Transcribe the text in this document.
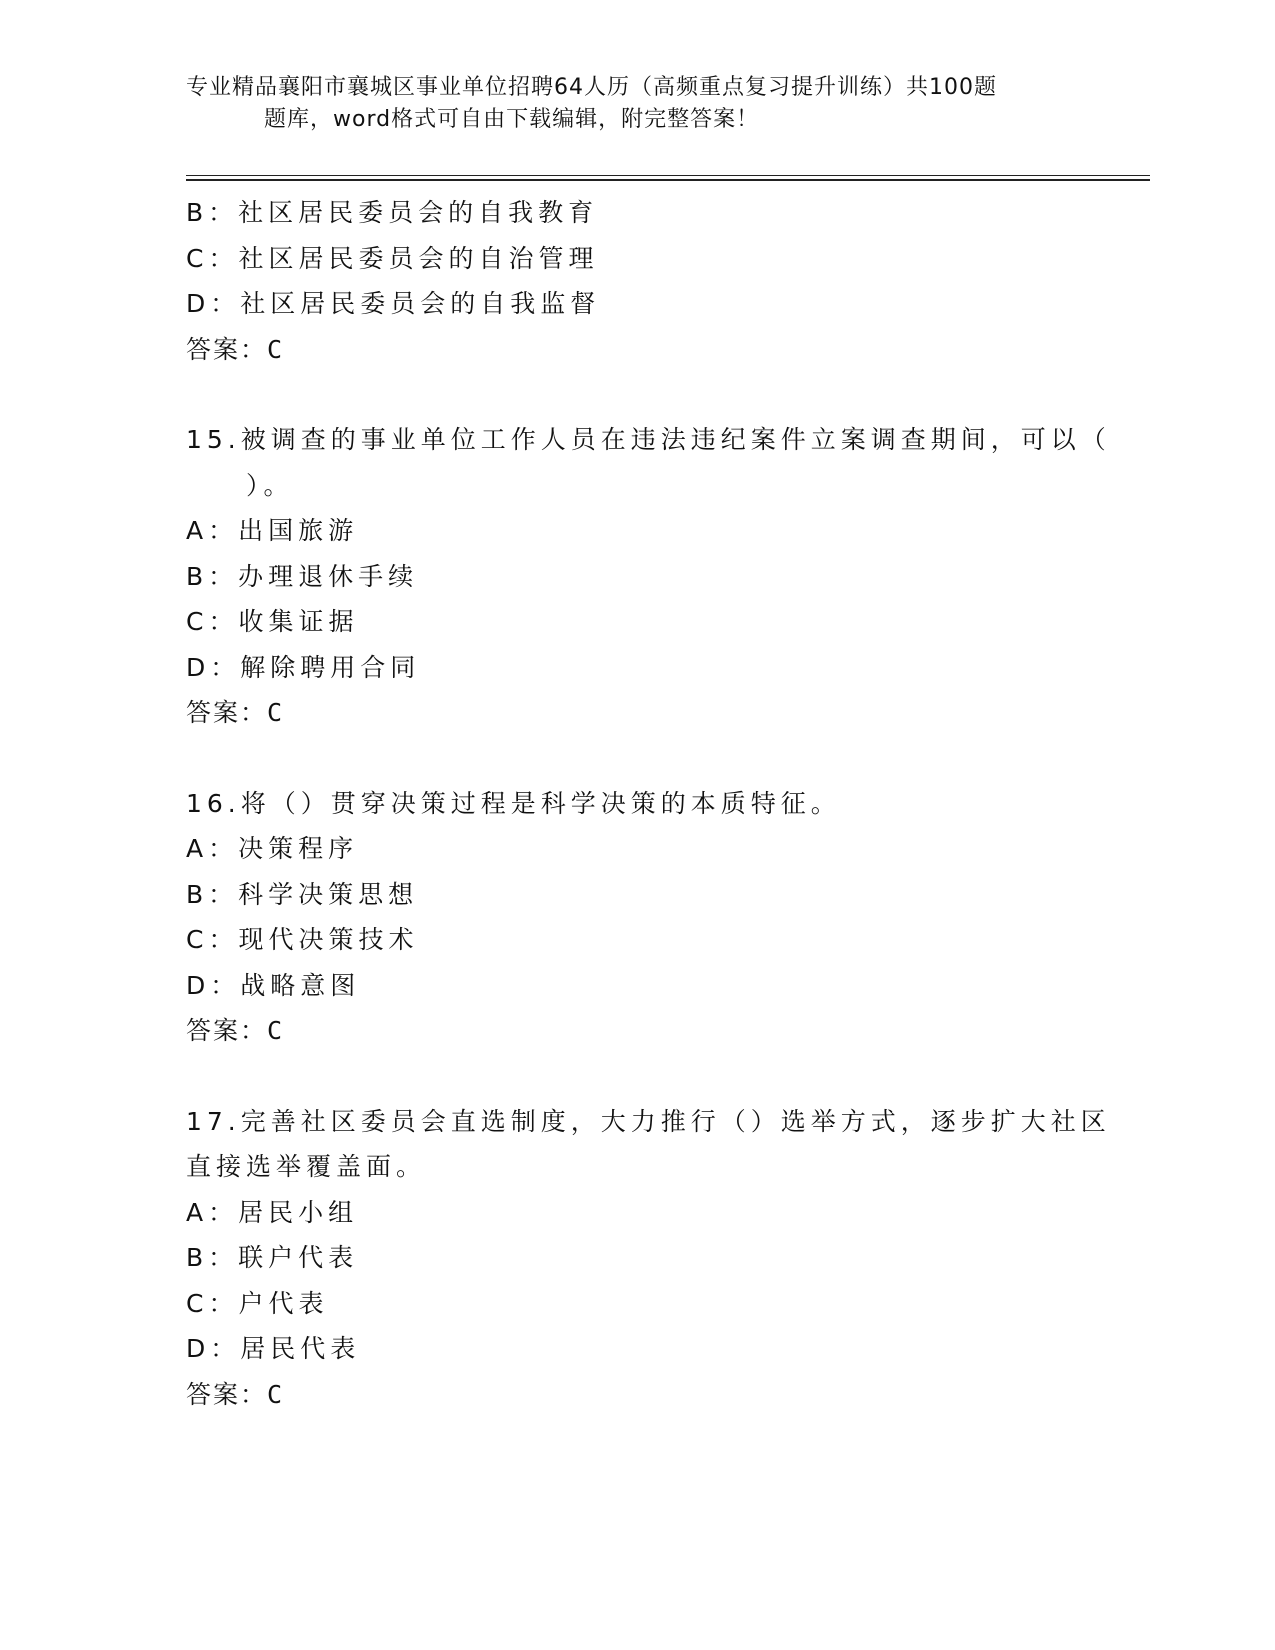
专业精品襄阳市襄城区事业单位招聘64人历（高频重点复习提升训练）共100题
题库，word格式可自由下载编辑，附完整答案！
B：社区居民委员会的自我教育
C：社区居民委员会的自治管理
D：社区居民委员会的自我监督
答案：C
15.被调查的事业单位工作人员在违法违纪案件立案调查期间，可以（
）。
A：出国旅游
B：办理退休手续
C：收集证据
D：解除聘用合同
答案：C
16.将（）贯穿决策过程是科学决策的本质特征。
A：决策程序
B：科学决策思想
C：现代决策技术
D：战略意图
答案：C
17.完善社区委员会直选制度，大力推行（）选举方式，逐步扩大社区
直接选举覆盖面。
A：居民小组
B：联户代表
C：户代表
D：居民代表
答案：C
